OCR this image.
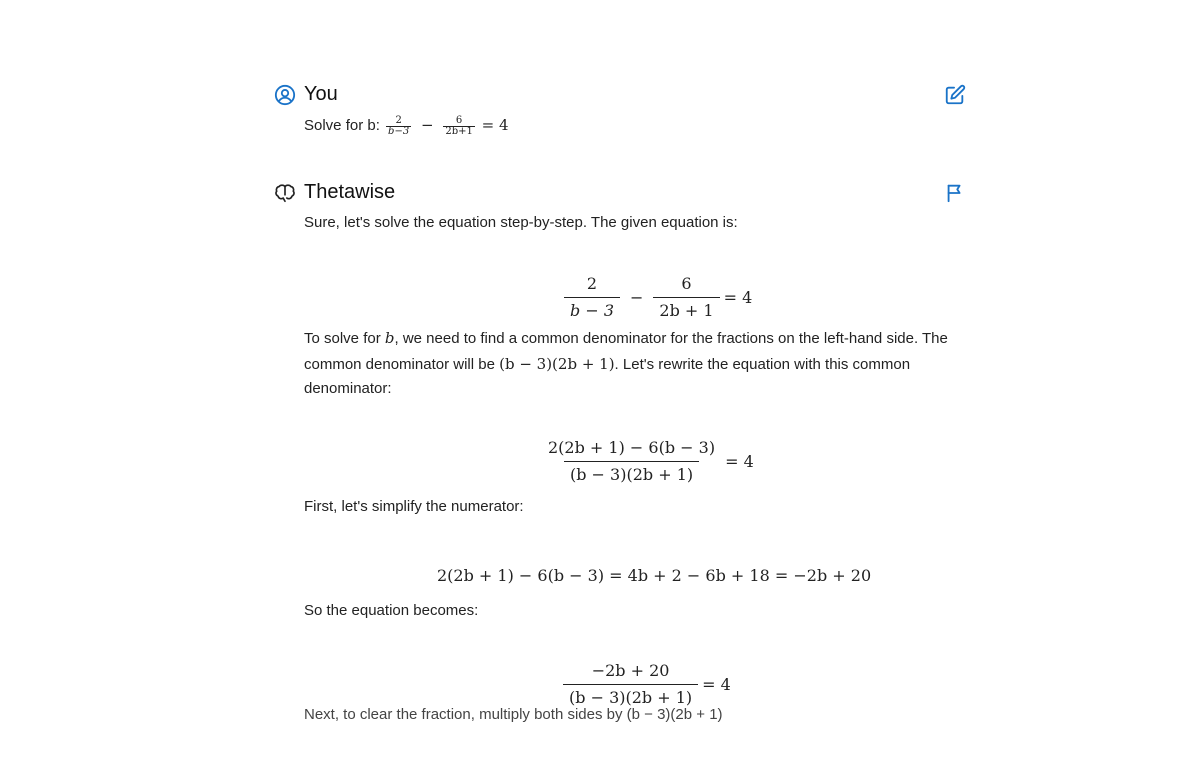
You
Solve for b: $\frac{2}{b-3} - \frac{6}{2b+1} = 4$
Thetawise
Sure, let's solve the equation step-by-step. The given equation is:
$\frac{2}{b - 3} - \frac{6}{2b + 1} = 4$
To solve for b, we need to find a common denominator for the fractions on the left-hand side. The common denominator will be (b − 3)(2b + 1). Let's rewrite the equation with this common denominator:
$\frac{2(2b + 1) - 6(b - 3)}{(b - 3)(2b + 1)} = 4$
First, let's simplify the numerator:
2(2b + 1) − 6(b − 3) = 4b + 2 − 6b + 18 = −2b + 20
So the equation becomes:
$\frac{-2b + 20}{(b - 3)(2b + 1)} = 4$
Next, to clear the fraction, multiply both sides by (b − 3)(2b + 1)
